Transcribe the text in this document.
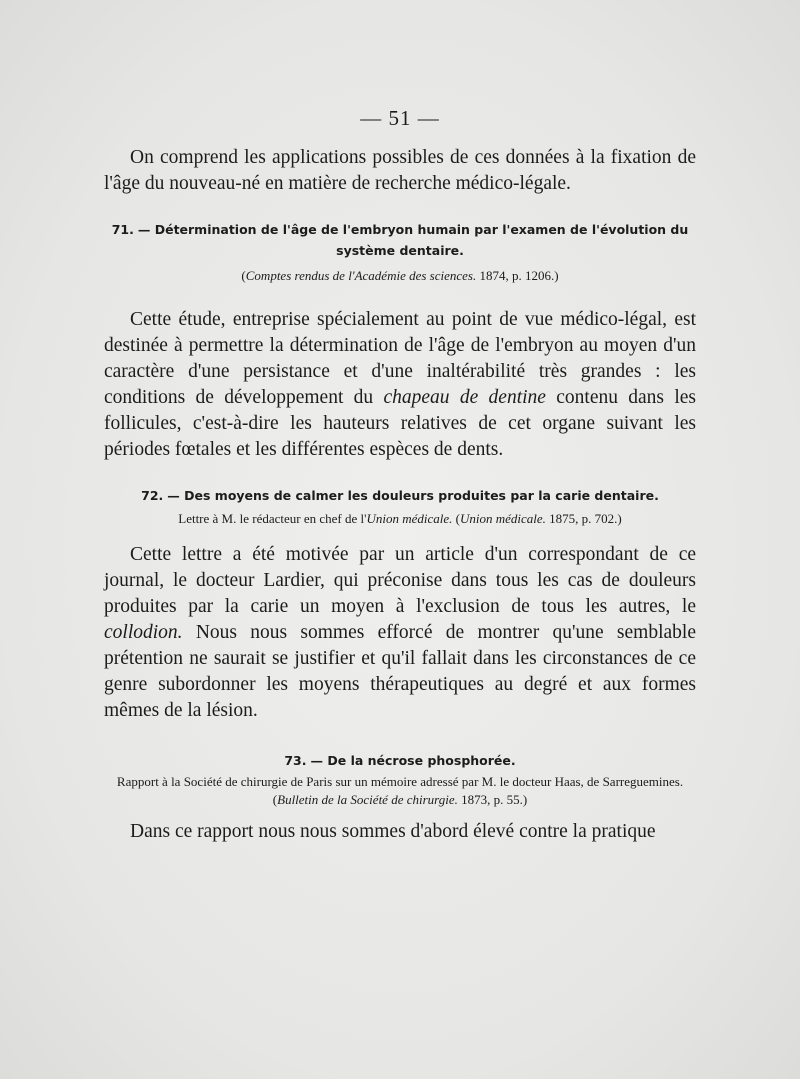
— 51 —

On comprend les applications possibles de ces données à la fixation de l'âge du nouveau-né en matière de recherche médico-légale.

71. — Détermination de l'âge de l'embryon humain par l'examen de l'évolution du système dentaire.
(Comptes rendus de l'Académie des sciences. 1874, p. 1206.)

Cette étude, entreprise spécialement au point de vue médico-légal, est destinée à permettre la détermination de l'âge de l'embryon au moyen d'un caractère d'une persistance et d'une inaltérabilité très grandes : les conditions de développement du chapeau de dentine contenu dans les follicules, c'est-à-dire les hauteurs relatives de cet organe suivant les périodes fœtales et les différentes espèces de dents.

72. — Des moyens de calmer les douleurs produites par la carie dentaire.
Lettre à M. le rédacteur en chef de l'Union médicale. (Union médicale. 1875, p. 702.)

Cette lettre a été motivée par un article d'un correspondant de ce journal, le docteur Lardier, qui préconise dans tous les cas de douleurs produites par la carie un moyen à l'exclusion de tous les autres, le collodion. Nous nous sommes efforcé de montrer qu'une semblable prétention ne saurait se justifier et qu'il fallait dans les circonstances de ce genre subordonner les moyens thérapeutiques au degré et aux formes mêmes de la lésion.

73. — De la nécrose phosphorée.
Rapport à la Société de chirurgie de Paris sur un mémoire adressé par M. le docteur Haas, de Sarreguemines. (Bulletin de la Société de chirurgie. 1873, p. 55.)

Dans ce rapport nous nous sommes d'abord élevé contre la pratique
